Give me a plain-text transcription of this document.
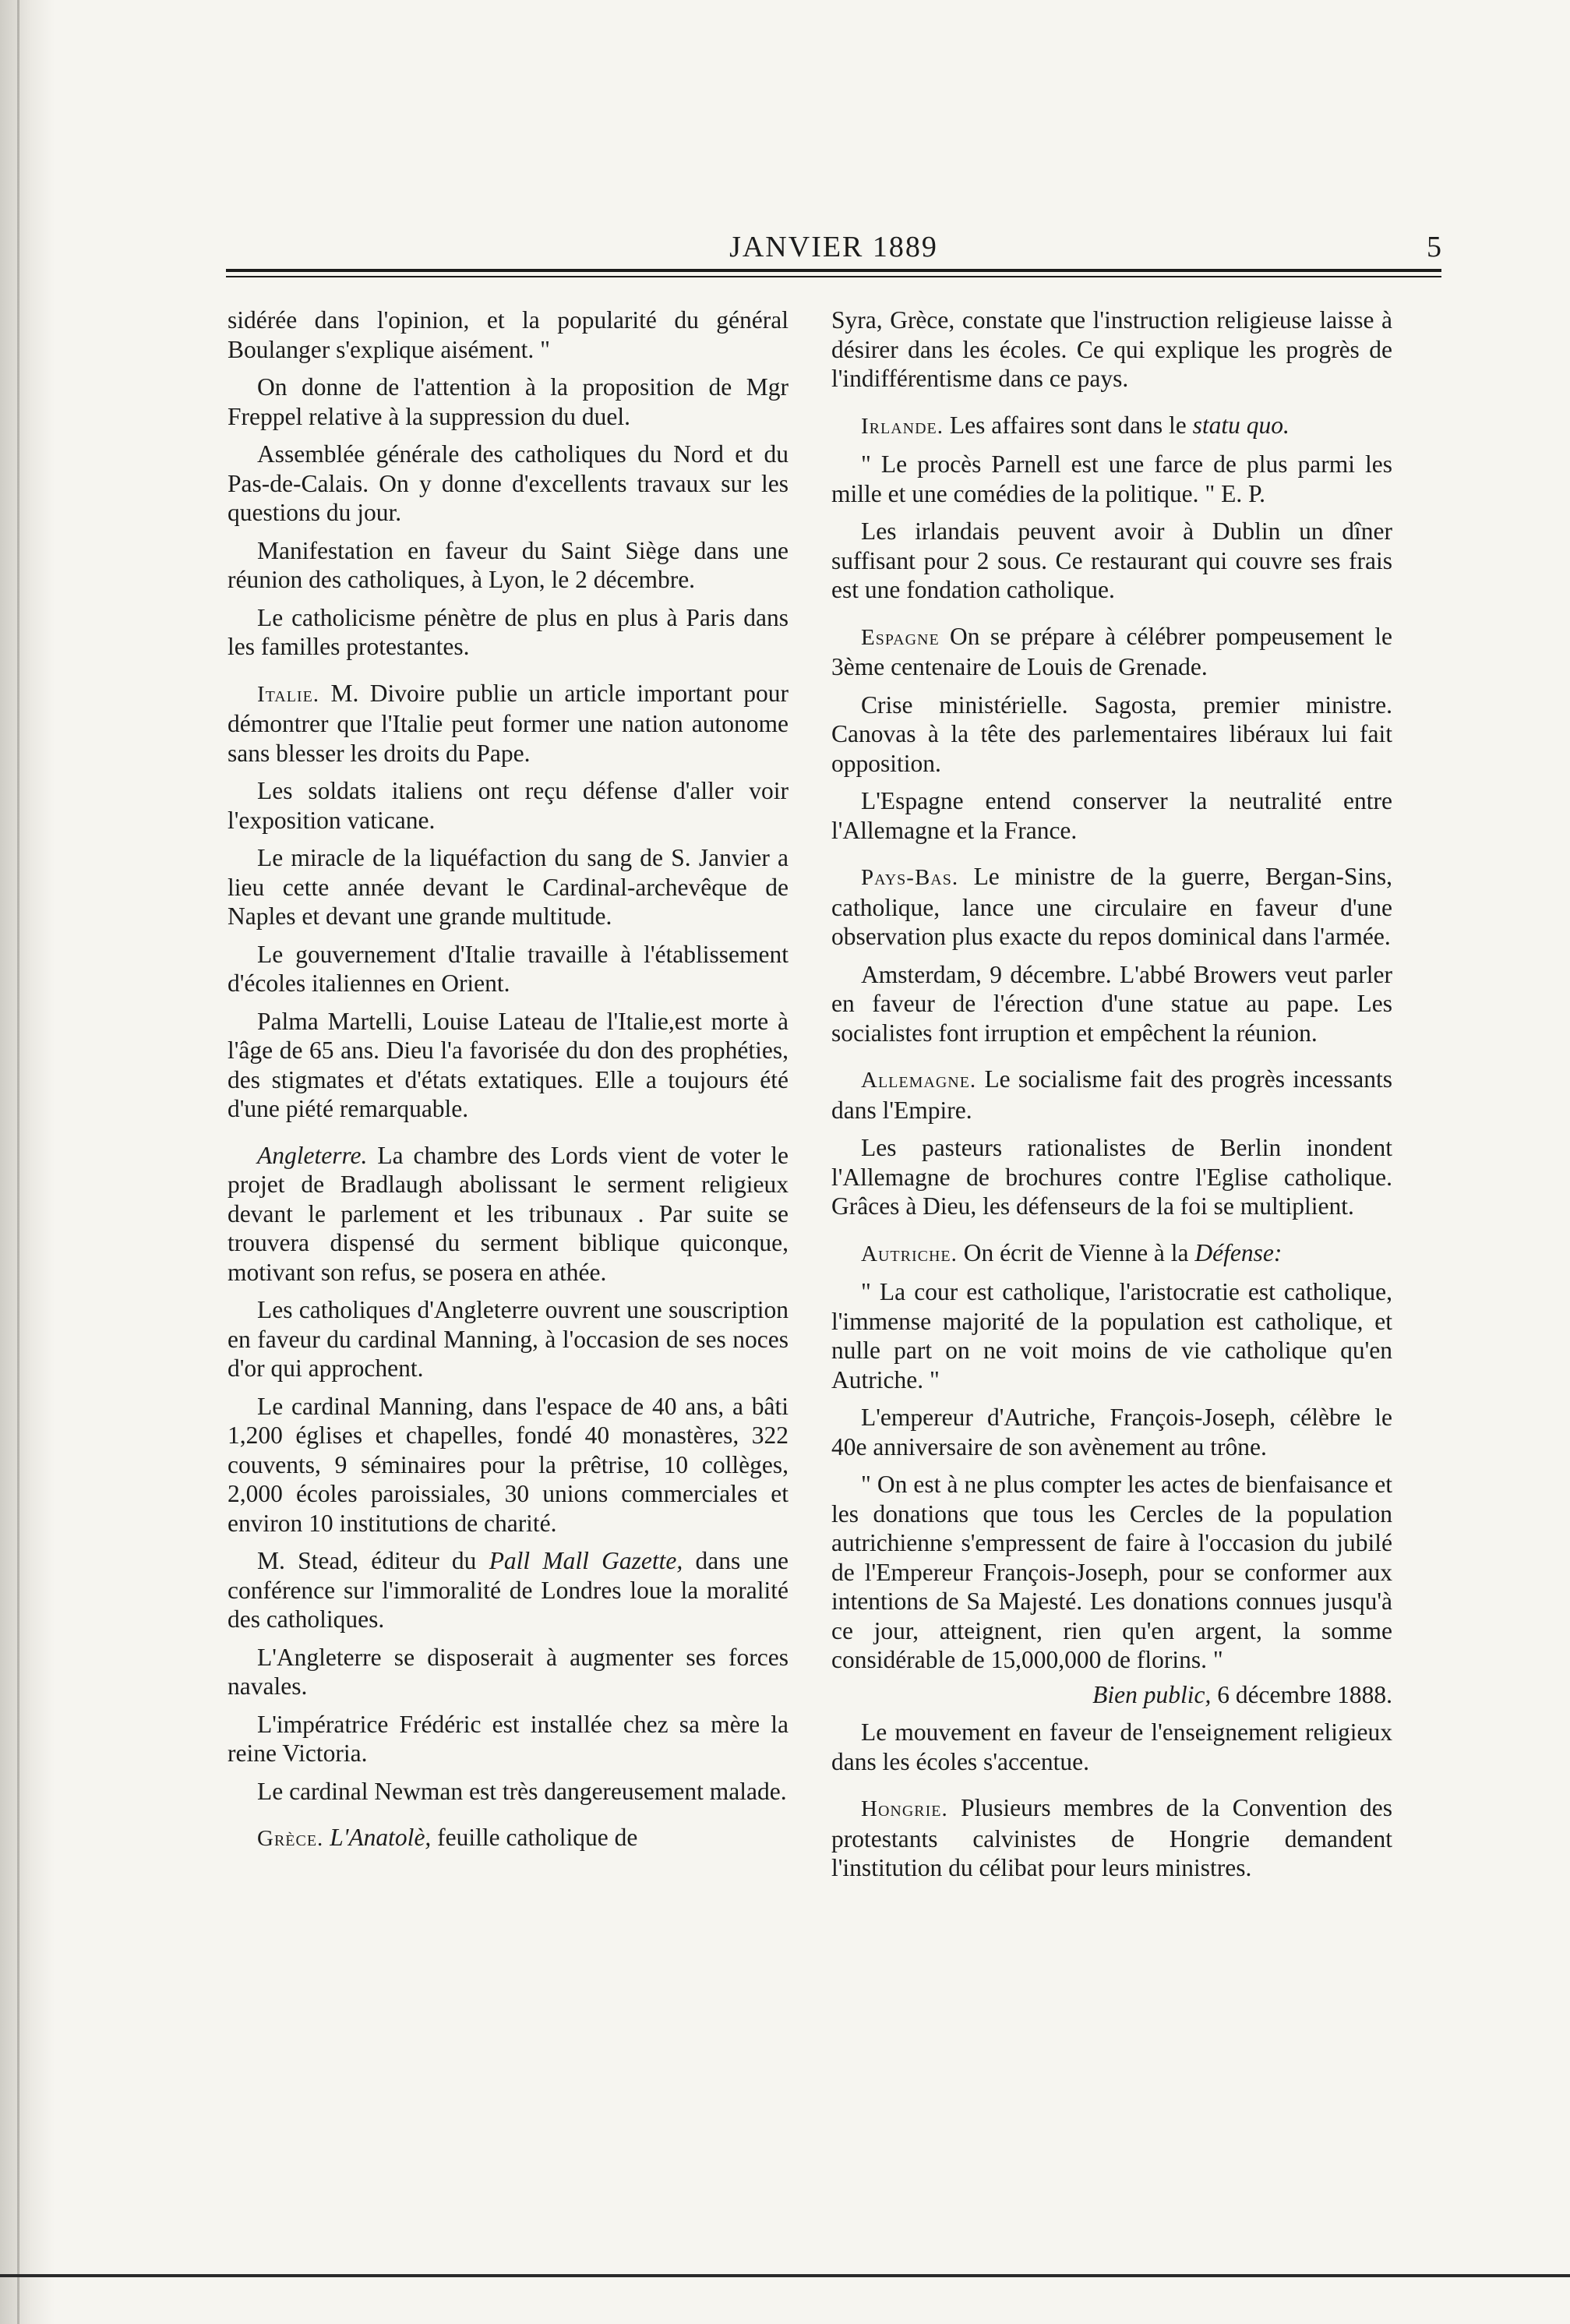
JANVIER 1889	5

sidérée dans l'opinion, et la popularité du général Boulanger s'explique aisément. "

On donne de l'attention à la proposition de Mgr Freppel relative à la suppression du duel.

Assemblée générale des catholiques du Nord et du Pas-de-Calais. On y donne d'excellents travaux sur les questions du jour.

Manifestation en faveur du Saint Siège dans une réunion des catholiques, à Lyon, le 2 décembre.

Le catholicisme pénètre de plus en plus à Paris dans les familles protestantes.

Italie. M. Divoire publie un article important pour démontrer que l'Italie peut former une nation autonome sans blesser les droits du Pape.

Les soldats italiens ont reçu défense d'aller voir l'exposition vaticane.

Le miracle de la liquéfaction du sang de S. Janvier a lieu cette année devant le Cardinal-archevêque de Naples et devant une grande multitude.

Le gouvernement d'Italie travaille à l'établissement d'écoles italiennes en Orient.

Palma Martelli, Louise Lateau de l'Italie,est morte à l'âge de 65 ans. Dieu l'a favorisée du don des prophéties, des stigmates et d'états extatiques. Elle a toujours été d'une piété remarquable.

Angleterre. La chambre des Lords vient de voter le projet de Bradlaugh abolissant le serment religieux devant le parlement et les tribunaux . Par suite se trouvera dispensé du serment biblique quiconque, motivant son refus, se posera en athée.

Les catholiques d'Angleterre ouvrent une souscription en faveur du cardinal Manning, à l'occasion de ses noces d'or qui approchent.

Le cardinal Manning, dans l'espace de 40 ans, a bâti 1,200 églises et chapelles, fondé 40 monastères, 322 couvents, 9 séminaires pour la prêtrise, 10 collèges, 2,000 écoles paroissiales, 30 unions commerciales et environ 10 institutions de charité.

M. Stead, éditeur du Pall Mall Gazette, dans une conférence sur l'immoralité de Londres loue la moralité des catholiques.

L'Angleterre se disposerait à augmenter ses forces navales.

L'impératrice Frédéric est installée chez sa mère la reine Victoria.

Le cardinal Newman est très dangereusement malade.

Grèce. L'Anatolè, feuille catholique de

Syra, Grèce, constate que l'instruction religieuse laisse à désirer dans les écoles. Ce qui explique les progrès de l'indifférentisme dans ce pays.

Irlande. Les affaires sont dans le statu quo.

" Le procès Parnell est une farce de plus parmi les mille et une comédies de la politique. " E. P.

Les irlandais peuvent avoir à Dublin un dîner suffisant pour 2 sous. Ce restaurant qui couvre ses frais est une fondation catholique.

Espagne On se prépare à célébrer pompeusement le 3ème centenaire de Louis de Grenade.

Crise ministérielle. Sagosta, premier ministre. Canovas à la tête des parlementaires libéraux lui fait opposition.

L'Espagne entend conserver la neutralité entre l'Allemagne et la France.

Pays-Bas. Le ministre de la guerre, Bergan-Sins, catholique, lance une circulaire en faveur d'une observation plus exacte du repos dominical dans l'armée.

Amsterdam, 9 décembre. L'abbé Browers veut parler en faveur de l'érection d'une statue au pape. Les socialistes font irruption et empêchent la réunion.

Allemagne. Le socialisme fait des progrès incessants dans l'Empire.

Les pasteurs rationalistes de Berlin inondent l'Allemagne de brochures contre l'Eglise catholique. Grâces à Dieu, les défenseurs de la foi se multiplient.

Autriche. On écrit de Vienne à la Défense:

" La cour est catholique, l'aristocratie est catholique, l'immense majorité de la population est catholique, et nulle part on ne voit moins de vie catholique qu'en Autriche. "

L'empereur d'Autriche, François-Joseph, célèbre le 40e anniversaire de son avènement au trône.

" On est à ne plus compter les actes de bienfaisance et les donations que tous les Cercles de la population autrichienne s'empressent de faire à l'occasion du jubilé de l'Empereur François-Joseph, pour se conformer aux intentions de Sa Majesté. Les donations connues jusqu'à ce jour, atteignent, rien qu'en argent, la somme considérable de 15,000,000 de florins. "

Bien public, 6 décembre 1888.

Le mouvement en faveur de l'enseignement religieux dans les écoles s'accentue.

Hongrie. Plusieurs membres de la Convention des protestants calvinistes de Hongrie demandent l'institution du célibat pour leurs ministres.
